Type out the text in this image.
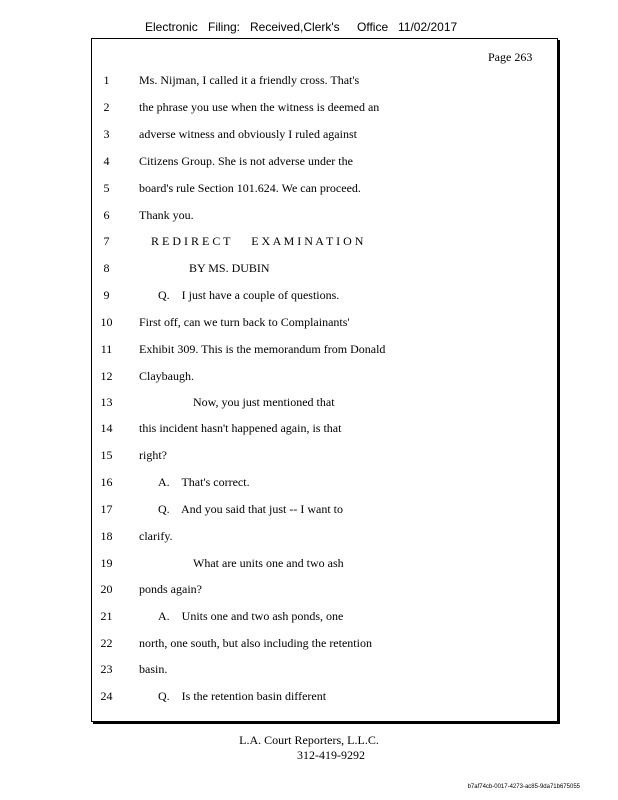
Electronic Filing: Received,Clerk's Office 11/02/2017
Page 263
1	Ms. Nijman, I called it a friendly cross. That's
2	the phrase you use when the witness is deemed an
3	adverse witness and obviously I ruled against
4	Citizens Group. She is not adverse under the
5	board's rule Section 101.624. We can proceed.
6	Thank you.
7	R E D I R E C T       E X A M I N A T I O N
8	BY MS. DUBIN
9	Q.    I just have a couple of questions.
10	First off, can we turn back to Complainants'
11	Exhibit 309. This is the memorandum from Donald
12	Claybaugh.
13	Now, you just mentioned that
14	this incident hasn't happened again, is that
15	right?
16	A.    That's correct.
17	Q.    And you said that just -- I want to
18	clarify.
19	What are units one and two ash
20	ponds again?
21	A.    Units one and two ash ponds, one
22	north, one south, but also including the retention
23	basin.
24	Q.    Is the retention basin different
L.A. Court Reporters, L.L.C.
312-419-9292
b7af74cb-0017-4273-ac85-9da71b675055
